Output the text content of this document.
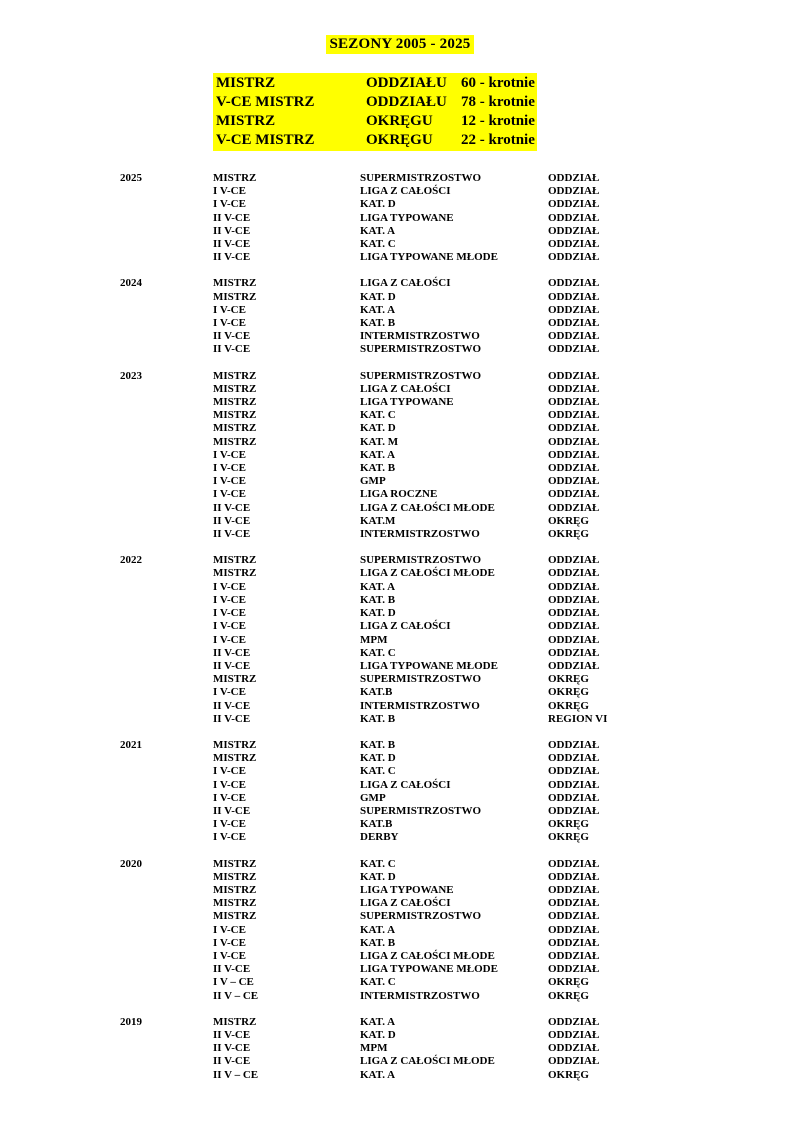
SEZONY 2005 - 2025
MISTRZ	ODDZIAŁU 60 - krotnie
V-CE MISTRZ	ODDZIAŁU 78 - krotnie
MISTRZ	OKRĘGU	12 - krotnie
V-CE MISTRZ	OKRĘGU	22 - krotnie
2025	MISTRZ	SUPERMISTRZOSTWO	ODDZIAŁ
I V-CE	LIGA Z CAŁOŚCI	ODDZIAŁ
I V-CE	KAT. D	ODDZIAŁ
II V-CE	LIGA TYPOWANE	ODDZIAŁ
II V-CE	KAT. A	ODDZIAŁ
II V-CE	KAT. C	ODDZIAŁ
II V-CE	LIGA TYPOWANE MŁODE	ODDZIAŁ
2024	MISTRZ	LIGA Z CAŁOŚCI	ODDZIAŁ
MISTRZ	KAT. D	ODDZIAŁ
I V-CE	KAT. A	ODDZIAŁ
I V-CE	KAT. B	ODDZIAŁ
II V-CE	INTERMISTRZOSTWO	ODDZIAŁ
II V-CE	SUPERMISTRZOSTWO	ODDZIAŁ
2023	MISTRZ	SUPERMISTRZOSTWO	ODDZIAŁ
MISTRZ	LIGA Z CAŁOŚCI	ODDZIAŁ
MISTRZ	LIGA TYPOWANE	ODDZIAŁ
MISTRZ	KAT. C	ODDZIAŁ
MISTRZ	KAT. D	ODDZIAŁ
MISTRZ	KAT. M	ODDZIAŁ
I V-CE	KAT. A	ODDZIAŁ
I V-CE	KAT. B	ODDZIAŁ
I V-CE	GMP	ODDZIAŁ
I V-CE	LIGA ROCZNE	ODDZIAŁ
II V-CE	LIGA Z CAŁOŚCI MŁODE	ODDZIAŁ
II V-CE	KAT.M	OKRĘG
II V-CE	INTERMISTRZOSTWO	OKRĘG
2022	MISTRZ	SUPERMISTRZOSTWO	ODDZIAŁ
MISTRZ	LIGA Z CAŁOŚCI MŁODE	ODDZIAŁ
I V-CE	KAT. A	ODDZIAŁ
I V-CE	KAT. B	ODDZIAŁ
I V-CE	KAT. D	ODDZIAŁ
I V-CE	LIGA Z CAŁOŚCI	ODDZIAŁ
I V-CE	MPM	ODDZIAŁ
II V-CE	KAT. C	ODDZIAŁ
II V-CE	LIGA TYPOWANE MŁODE	ODDZIAŁ
MISTRZ	SUPERMISTRZOSTWO	OKRĘG
I V-CE	KAT.B	OKRĘG
II V-CE	INTERMISTRZOSTWO	OKRĘG
II V-CE	KAT. B	REGION VI
2021	MISTRZ	KAT. B	ODDZIAŁ
MISTRZ	KAT. D	ODDZIAŁ
I V-CE	KAT. C	ODDZIAŁ
I V-CE	LIGA Z CAŁOŚCI	ODDZIAŁ
I V-CE	GMP	ODDZIAŁ
II V-CE	SUPERMISTRZOSTWO	ODDZIAŁ
I V-CE	KAT.B	OKRĘG
I V-CE	DERBY	OKRĘG
2020	MISTRZ	KAT. C	ODDZIAŁ
MISTRZ	KAT. D	ODDZIAŁ
MISTRZ	LIGA TYPOWANE	ODDZIAŁ
MISTRZ	LIGA Z CAŁOŚCI	ODDZIAŁ
MISTRZ	SUPERMISTRZOSTWO	ODDZIAŁ
I V-CE	KAT. A	ODDZIAŁ
I V-CE	KAT. B	ODDZIAŁ
I V-CE	LIGA Z CAŁOŚCI MŁODE	ODDZIAŁ
II V-CE	LIGA TYPOWANE MŁODE	ODDZIAŁ
I V – CE	KAT. C	OKRĘG
II V – CE	INTERMISTRZOSTWO	OKRĘG
2019	MISTRZ	KAT. A	ODDZIAŁ
II V-CE	KAT. D	ODDZIAŁ
II V-CE	MPM	ODDZIAŁ
II V-CE	LIGA Z CAŁOŚCI MŁODE	ODDZIAŁ
II V – CE	KAT. A	OKRĘG
